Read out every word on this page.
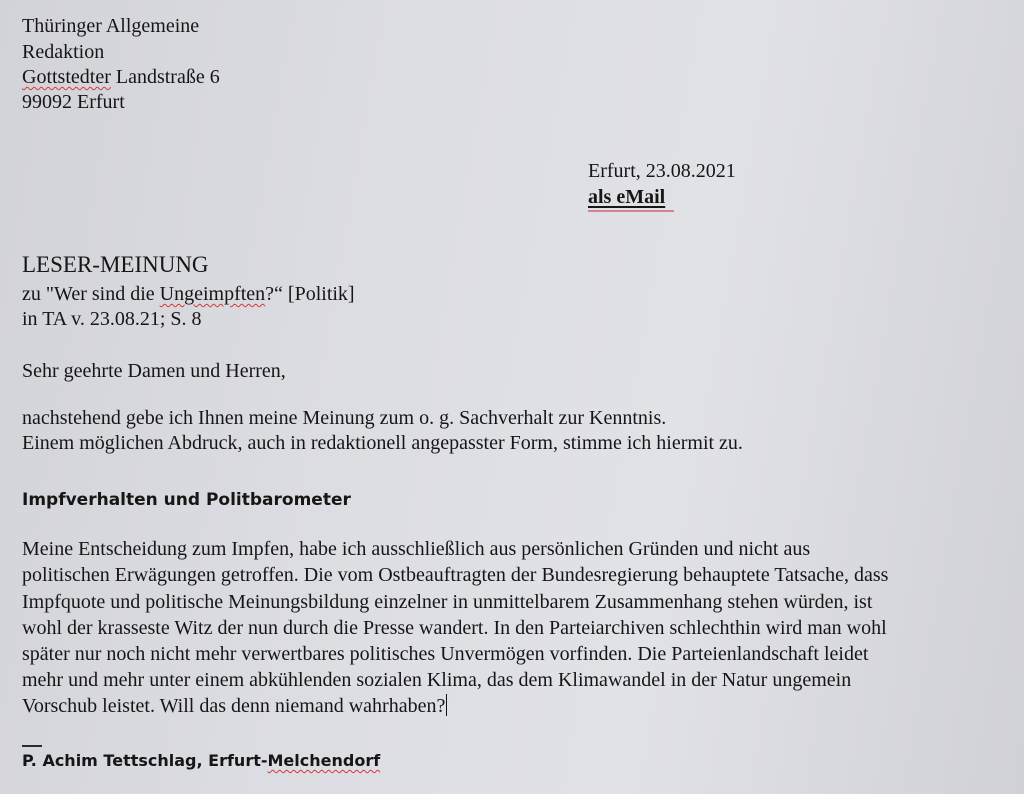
Thüringer Allgemeine
Redaktion
Gottstedter Landstraße 6
99092 Erfurt
Erfurt, 23.08.2021
als eMail
LESER-MEINUNG
zu "Wer sind die Ungeimpften?“ [Politik]
in TA v. 23.08.21; S. 8
Sehr geehrte Damen und Herren,
nachstehend gebe ich Ihnen meine Meinung zum o. g. Sachverhalt zur Kenntnis.
Einem möglichen Abdruck, auch in redaktionell angepasster Form, stimme ich hiermit zu.
Impfverhalten und Politbarometer
Meine Entscheidung zum Impfen, habe ich ausschließlich aus persönlichen Gründen und nicht aus
politischen Erwägungen getroffen. Die vom Ostbeauftragten der Bundesregierung behauptete Tatsache, dass
Impfquote und politische Meinungsbildung einzelner in unmittelbarem Zusammenhang stehen würden, ist
wohl der krasseste Witz der nun durch die Presse wandert. In den Parteiarchiven schlechthin wird man wohl
später nur noch nicht mehr verwertbares politisches Unvermögen vorfinden. Die Parteienlandschaft leidet
mehr und mehr unter einem abkühlenden sozialen Klima, das dem Klimawandel in der Natur ungemein
Vorschub leistet. Will das denn niemand wahrhaben?
P. Achim Tettschlag, Erfurt-Melchendorf
